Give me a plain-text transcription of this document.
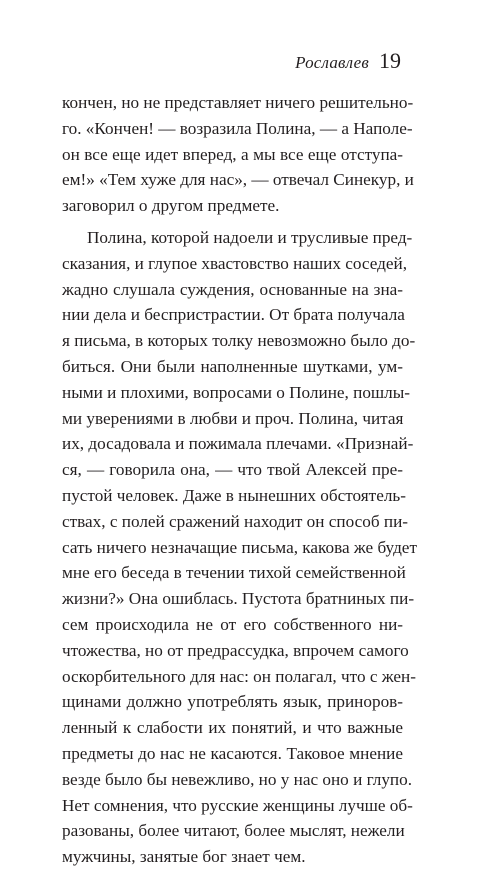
Рославлев 19
кончен, но не представляет ничего решительно-
го. «Кончен! — возразила Полина, — а Наполе-
он все еще идет вперед, а мы все еще отступа-
ем!» «Тем хуже для нас», — отвечал Синекур, и
заговорил о другом предмете.
Полина, которой надоели и трусливые пред-
сказания, и глупое хвастовство наших соседей,
жадно слушала суждения, основанные на зна-
нии дела и беспристрастии. От брата получала
я письма, в которых толку невозможно было до-
биться. Они были наполненные шутками, ум-
ными и плохими, вопросами о Полине, пошлы-
ми уверениями в любви и проч. Полина, читая
их, досадовала и пожимала плечами. «Признай-
ся, — говорила она, — что твой Алексей пре-
пустой человек. Даже в нынешних обстоятель-
ствах, с полей сражений находит он способ пи-
сать ничего незначащие письма, какова же будет
мне его беседа в течении тихой семейственной
жизни?» Она ошиблась. Пустота братниных пи-
сем происходила не от его собственного ни-
чтожества, но от предрассудка, впрочем самого
оскорбительного для нас: он полагал, что с жен-
щинами должно употреблять язык, приноров-
ленный к слабости их понятий, и что важные
предметы до нас не касаются. Таковое мнение
везде было бы невежливо, но у нас оно и глупо.
Нет сомнения, что русские женщины лучше об-
разованы, более читают, более мыслят, нежели
мужчины, занятые бог знает чем.
